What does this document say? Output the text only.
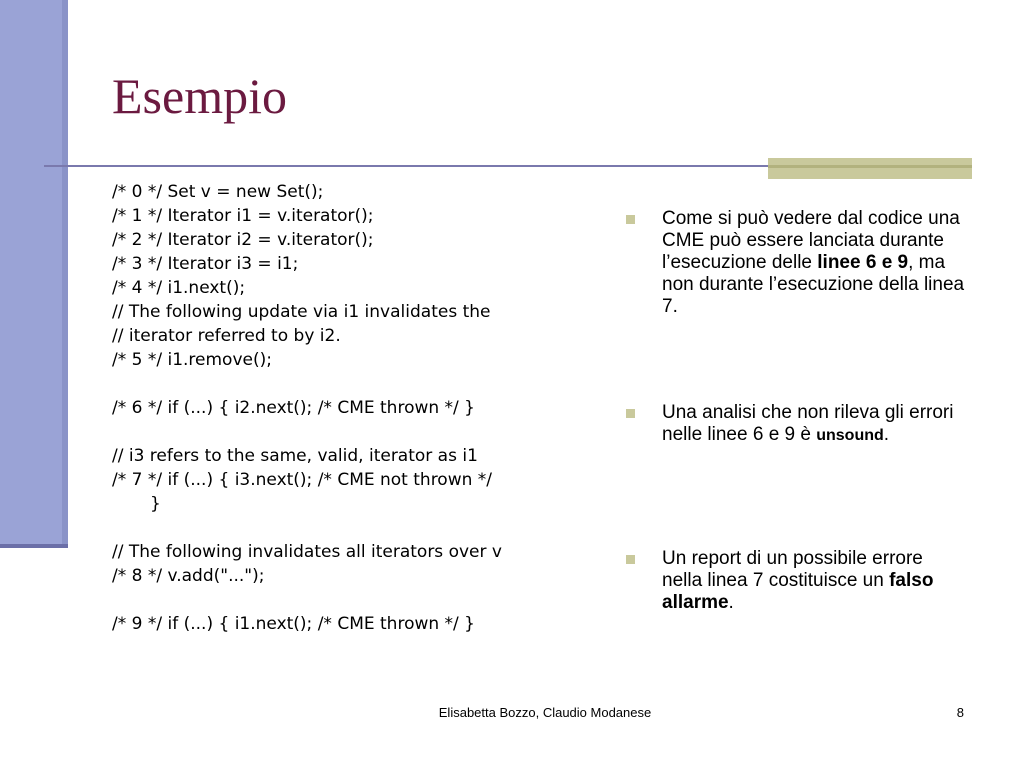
Esempio
/* 0 */ Set v = new Set();
/* 1 */ Iterator i1 = v.iterator();
/* 2 */ Iterator i2 = v.iterator();
/* 3 */ Iterator i3 = i1;
/* 4 */ i1.next();
// The following update via i1 invalidates the
// iterator referred to by i2.
/* 5 */ i1.remove();
/* 6 */ if (...) { i2.next(); /* CME thrown */ }
// i3 refers to the same, valid, iterator as i1
/* 7 */ if (...) { i3.next(); /* CME not thrown */
}
// The following invalidates all iterators over v
/* 8 */ v.add("...");
/* 9 */ if (...) { i1.next(); /* CME thrown */ }
Come si può vedere dal codice una CME può essere lanciata durante l’esecuzione delle linee 6 e 9, ma non durante l’esecuzione della linea 7.
Una analisi che non rileva gli errori nelle linee 6 e 9 è unsound.
Un report di un possibile errore nella linea 7 costituisce un falso allarme.
Elisabetta Bozzo, Claudio Modanese	8
